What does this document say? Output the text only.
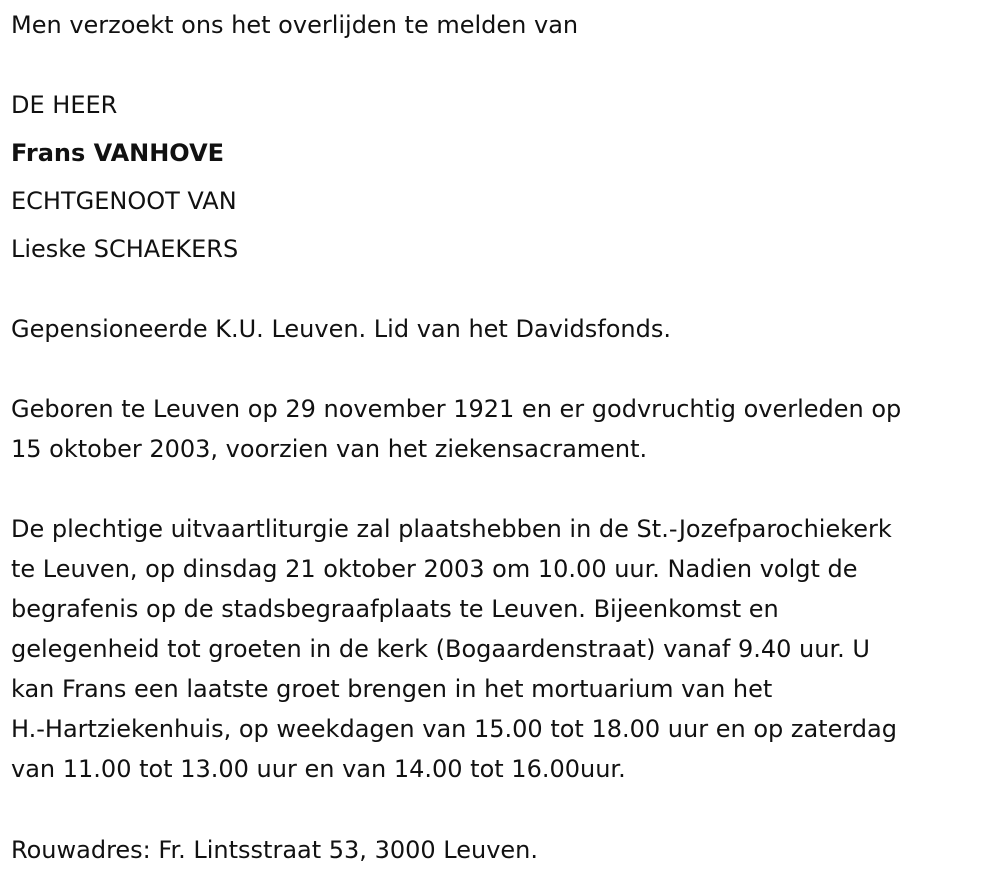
Men verzoekt ons het overlijden te melden van
DE HEER
Frans VANHOVE
ECHTGENOOT VAN
Lieske SCHAEKERS
Gepensioneerde K.U. Leuven. Lid van het Davidsfonds.
Geboren te Leuven op 29 november 1921 en er godvruchtig overleden op
15 oktober 2003, voorzien van het ziekensacrament.
De plechtige uitvaartliturgie zal plaatshebben in de St.-Jozefparochiekerk
te Leuven, op dinsdag 21 oktober 2003 om 10.00 uur. Nadien volgt de
begrafenis op de stadsbegraafplaats te Leuven. Bijeenkomst en
gelegenheid tot groeten in de kerk (Bogaardenstraat) vanaf 9.40 uur. U
kan Frans een laatste groet brengen in het mortuarium van het
H.-Hartziekenhuis, op weekdagen van 15.00 tot 18.00 uur en op zaterdag
van 11.00 tot 13.00 uur en van 14.00 tot 16.00uur.
Rouwadres: Fr. Lintsstraat 53, 3000 Leuven.
